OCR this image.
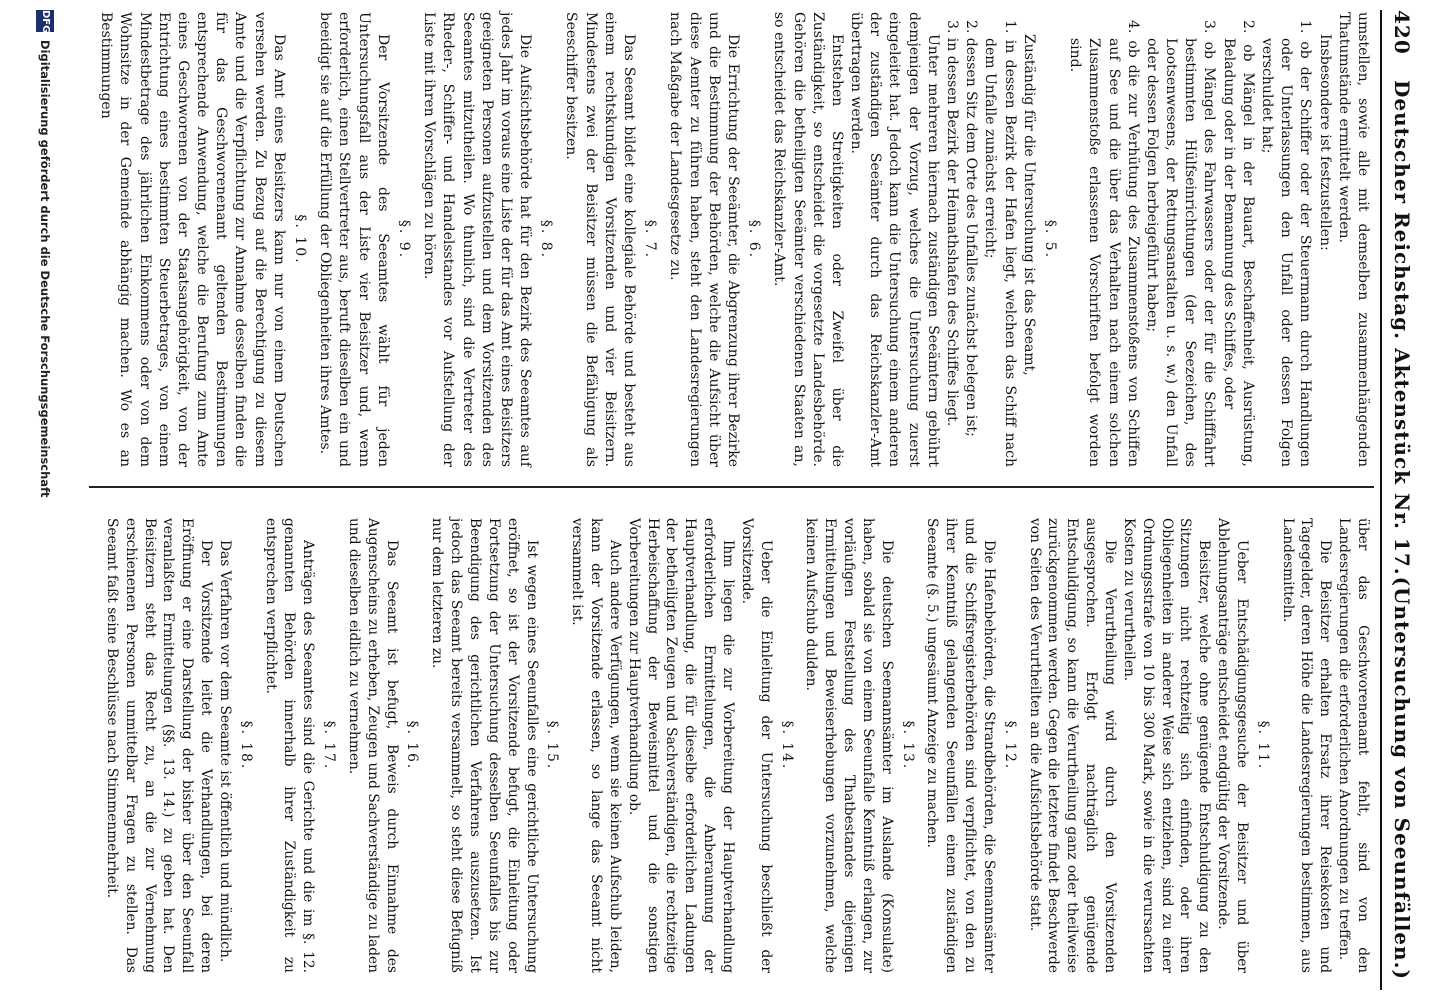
420
Deutscher Reichstag. Aktenstück Nr. 17.
(Untersuchung von Seeunfällen.)

umstellen, sowie alle mit demselben zusammenhängenden Thatumstände ermittelt werden.

Insbesondere ist festzustellen:

1. ob der Schiffer oder der Steuermann durch Handlungen oder Unterlassungen den Unfall oder dessen Folgen verschuldet hat;

2. ob Mängel in der Bauart, Beschaffenheit, Ausrüstung, Beladung oder in der Bemannung des Schiffes, oder

3. ob Mängel des Fahrwassers oder der für die Schifffahrt bestimmten Hülfseinrichtungen (der Seezeichen, des Lootsenwesens, der Rettungsanstalten u. s. w.) den Unfall oder dessen Folgen herbeigeführt haben;

4. ob die zur Verhütung des Zusammenstoßens von Schiffen auf See und die über das Verhalten nach einem solchen Zusammenstoße erlassenen Vorschriften befolgt worden sind.

§. 5.

Zuständig für die Untersuchung ist das Seeamt,

1. in dessen Bezirk der Hafen liegt, welchen das Schiff nach dem Unfalle zunächst erreicht;

2. dessen Sitz dem Orte des Unfalles zunächst belegen ist;

3. in dessen Bezirk der Heimathshafen des Schiffes liegt.

Unter mehreren hiernach zuständigen Seeämtern gebührt demjenigen der Vorzug, welches die Untersuchung zuerst eingeleitet hat. Jedoch kann die Untersuchung einem anderen der zuständigen Seeämter durch das Reichskanzler-Amt übertragen werden.

Entstehen Streitigkeiten oder Zweifel über die Zuständigkeit, so entscheidet die vorgesetzte Landesbehörde. Gehören die betheiligten Seeämter verschiedenen Staaten an, so entscheidet das Reichskanzler-Amt.

§. 6.

Die Errichtung der Seeämter, die Abgrenzung ihrer Bezirke und die Bestimmung der Behörden, welche die Aufsicht über diese Aemter zu führen haben, steht den Landesregierungen nach Maßgabe der Landesgesetze zu.

§. 7.

Das Seeamt bildet eine kollegiale Behörde und besteht aus einem rechtskundigen Vorsitzenden und vier Beisitzern. Mindestens zwei der Beisitzer müssen die Befähigung als Seeschiffer besitzen.

§. 8.

Die Aufsichtsbehörde hat für den Bezirk des Seeamtes auf jedes Jahr im voraus eine Liste der für das Amt eines Beisitzers geeigneten Personen aufzustellen und dem Vorsitzenden des Seeamtes mitzutheilen. Wo thunlich, sind die Vertreter des Rheder-, Schiffer- und Handelsstandes vor Aufstellung der Liste mit ihren Vorschlägen zu hören.

§. 9.

Der Vorsitzende des Seeamtes wählt für jeden Untersuchungsfall aus der Liste vier Beisitzer und, wenn erforderlich, einen Stellvertreter aus, beruft dieselben ein und beeidigt sie auf die Erfüllung der Obliegenheiten ihres Amtes.

§. 10.

Das Amt eines Beisitzers kann nur von einem Deutschen versehen werden. Zu Bezug auf die Berechtigung zu diesem Amte und die Verpflichtung zur Annahme desselben finden die für das Geschworenenamt geltenden Bestimmungen entsprechende Anwendung, welche die Berufung zum Amte eines Geschworenen von der Staatsangehörigkeit, von der Entrichtung eines bestimmten Steuerbetrages, von einem Mindestbetrage des jährlichen Einkommens oder von dem Wohnsitze in der Gemeinde abhängig machen. Wo es an Bestimmungen

über das Geschworenenamt fehlt, sind von den Landesregierungen die erforderlichen Anordnungen zu treffen.

Die Beisitzer erhalten Ersatz ihrer Reisekosten und Tagegelder, deren Höhe die Landesregierungen bestimmen, aus Landesmitteln.

§. 11.

Ueber Entschädigungsgesuche der Beisitzer und über Ablehnungsanträge entscheidet endgültig der Vorsitzende.

Beisitzer, welche ohne genügende Entschuldigung zu den Sitzungen nicht rechtzeitig sich einfinden, oder ihren Obliegenheiten in anderer Weise sich entziehen, sind zu einer Ordnungsstrafe von 10 bis 300 Mark, sowie in die verursachten Kosten zu verurtheilen.

Die Verurtheilung wird durch den Vorsitzenden ausgesprochen. Erfolgt nachträglich genügende Entschuldigung, so kann die Verurtheilung ganz oder theilweise zurückgenommen werden. Gegen die letztere findet Beschwerde von Seiten des Verurtheilten an die Aufsichtsbehörde statt.

§. 12.

Die Hafenbehörden, die Strandbehörden, die Seemannsämter und die Schiffsregisterbehörden sind verpflichtet, von den zu ihrer Kenntniß gelangenden Seeunfällen einem zuständigen Seeamte (§. 5.) ungesäumt Anzeige zu machen.

§. 13.

Die deutschen Seemannsämter im Auslande (Konsulate) haben, sobald sie von einem Seeunfalle Kenntniß erlangen, zur vorläufigen Feststellung des Thatbestandes diejenigen Ermittelungen und Beweiserhebungen vorzunehmen, welche keinen Aufschub dulden.

§. 14.

Ueber die Einleitung der Untersuchung beschließt der Vorsitzende.

Ihm liegen die zur Vorbereitung der Hauptverhandlung erforderlichen Ermittelungen, die Anberaumung der Hauptverhandlung, die für dieselbe erforderlichen Ladungen der betheiligten Zeugen und Sachverständigen, die rechtzeitige Herbeischaffung der Beweismittel und die sonstigen Vorbereitungen zur Hauptverhandlung ob.

Auch andere Verfügungen, wenn sie keinen Aufschub leiden, kann der Vorsitzende erlassen, so lange das Seeamt nicht versammelt ist.

§. 15.

Ist wegen eines Seeunfalles eine gerichtliche Untersuchung eröffnet, so ist der Vorsitzende befugt, die Einleitung oder Fortsetzung der Untersuchung desselben Seeunfalles bis zur Beendigung des gerichtlichen Verfahrens auszusetzen. Ist jedoch das Seeamt bereits versammelt, so steht diese Befugniß nur dem letzteren zu.

§. 16.

Das Seeamt ist befugt, Beweis durch Einnahme des Augenscheins zu erheben, Zeugen und Sachverständige zu laden und dieselben eidlich zu vernehmen.

§. 17.

Anträgen des Seeamtes sind die Gerichte und die im §. 12. genannten Behörden innerhalb ihrer Zuständigkeit zu entsprechen verpflichtet.

§. 18.

Das Verfahren vor dem Seeamte ist öffentlich und mündlich.

Der Vorsitzende leitet die Verhandlungen, bei deren Eröffnung er eine Darstellung der bisher über den Seeunfall veranlaßten Ermittelungen (§§. 13. 14.) zu geben hat. Den Beisitzern steht das Recht zu, an die zur Vernehmung erschienenen Personen unmittelbar Fragen zu stellen. Das Seeamt faßt seine Beschlüsse nach Stimmenmehrheit.

DFG
Digitalisierung gefördert durch die Deutsche Forschungsgemeinschaft
